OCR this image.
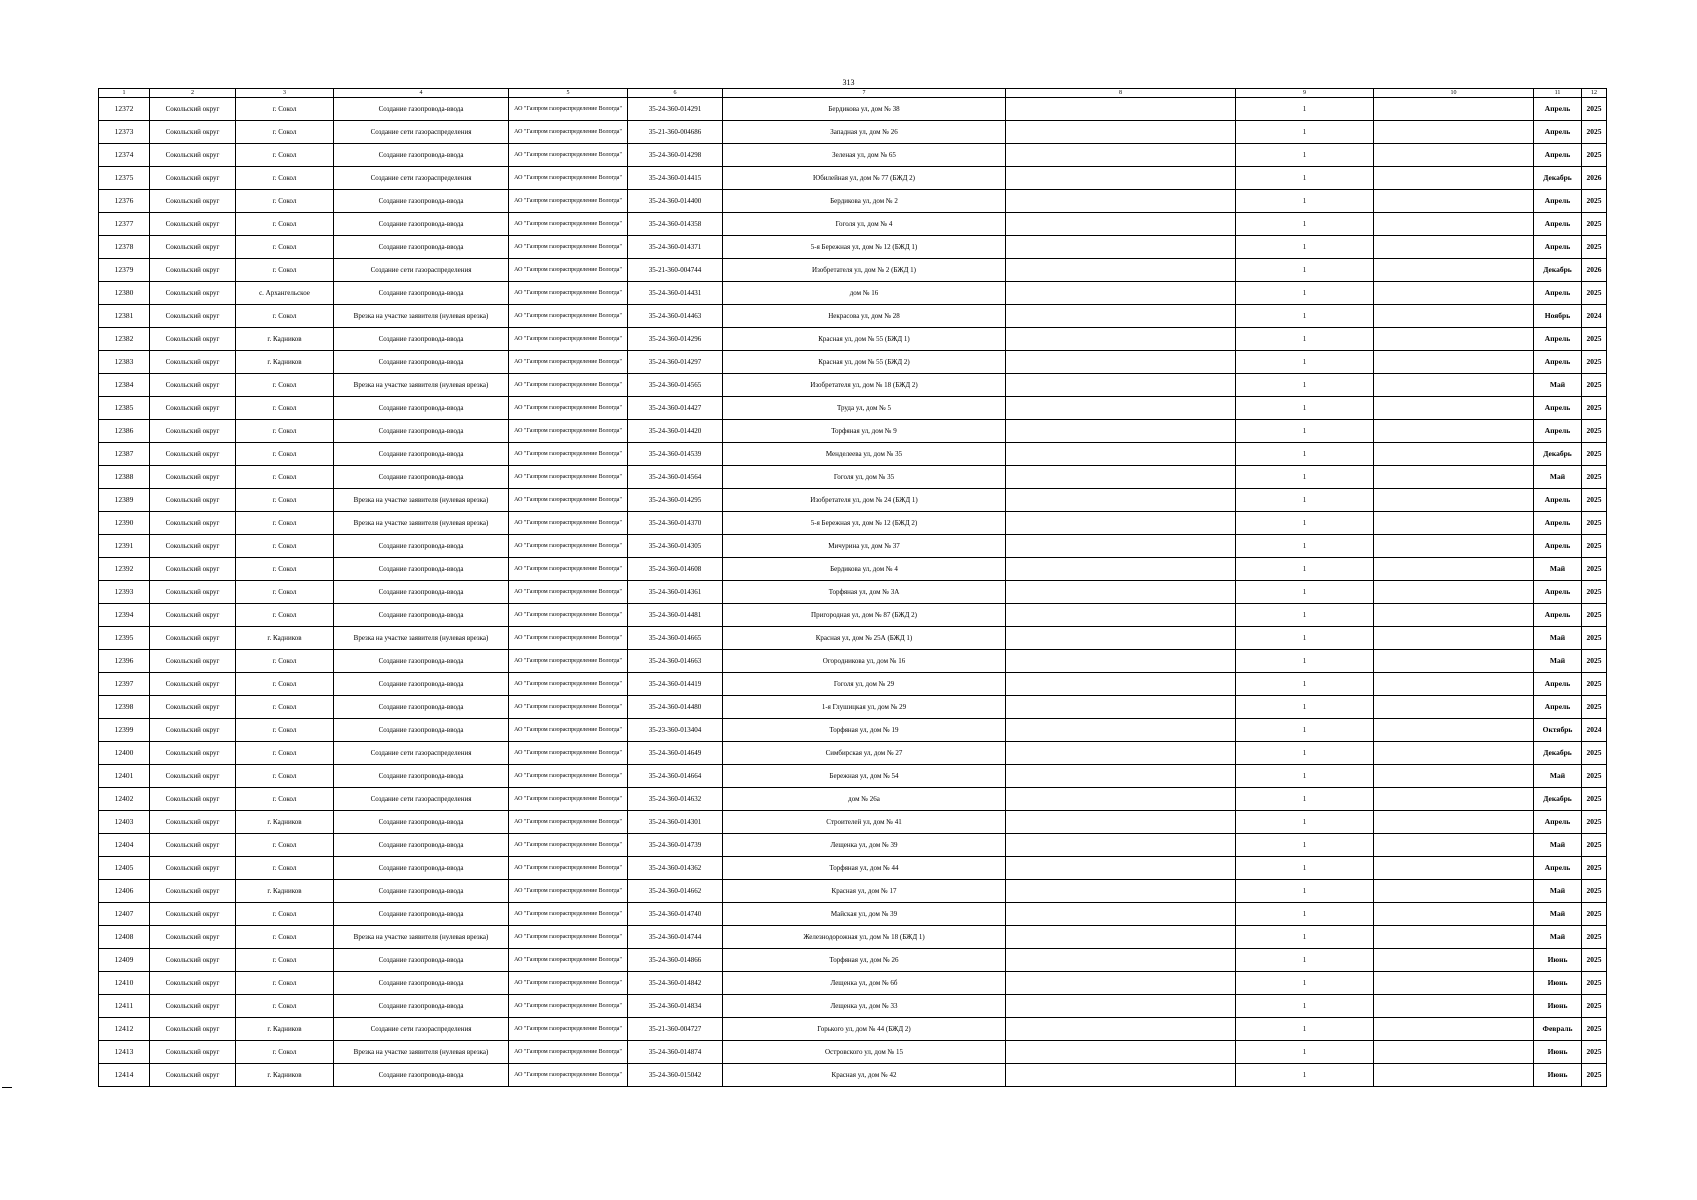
313
1	2	3	4	5	6	7	8	9	10	11	12
12372	Сокольский округ	г. Сокол	Создание газопровода-ввода	АО "Газпром газораспределение Вологда"	35-24-360-014291	Бердикова ул, дом № 38		1		Апрель	2025
12373	Сокольский округ	г. Сокол	Создание сети газораспределения	АО "Газпром газораспределение Вологда"	35-21-360-004686	Западная ул, дом № 26		1		Апрель	2025
12374	Сокольский округ	г. Сокол	Создание газопровода-ввода	АО "Газпром газораспределение Вологда"	35-24-360-014298	Зеленая ул, дом № 65		1		Апрель	2025
12375	Сокольский округ	г. Сокол	Создание сети газораспределения	АО "Газпром газораспределение Вологда"	35-24-360-014415	Юбилейная ул, дом № 77 (БЖД 2)		1		Декабрь	2026
12376	Сокольский округ	г. Сокол	Создание газопровода-ввода	АО "Газпром газораспределение Вологда"	35-24-360-014400	Бердикова ул, дом № 2		1		Апрель	2025
12377	Сокольский округ	г. Сокол	Создание газопровода-ввода	АО "Газпром газораспределение Вологда"	35-24-360-014358	Гоголя ул, дом № 4		1		Апрель	2025
12378	Сокольский округ	г. Сокол	Создание газопровода-ввода	АО "Газпром газораспределение Вологда"	35-24-360-014371	5-я Бережная ул, дом № 12 (БЖД 1)		1		Апрель	2025
12379	Сокольский округ	г. Сокол	Создание сети газораспределения	АО "Газпром газораспределение Вологда"	35-21-360-004744	Изобретателя ул, дом № 2 (БЖД 1)		1		Декабрь	2026
12380	Сокольский округ	с. Архангельское	Создание газопровода-ввода	АО "Газпром газораспределение Вологда"	35-24-360-014431	дом № 16		1		Апрель	2025
12381	Сокольский округ	г. Сокол	Врезка на участке заявителя (нулевая врезка)	АО "Газпром газораспределение Вологда"	35-24-360-014463	Некрасова ул, дом № 28		1		Ноябрь	2024
12382	Сокольский округ	г. Кадников	Создание газопровода-ввода	АО "Газпром газораспределение Вологда"	35-24-360-014296	Красная ул, дом № 55 (БЖД 1)		1		Апрель	2025
12383	Сокольский округ	г. Кадников	Создание газопровода-ввода	АО "Газпром газораспределение Вологда"	35-24-360-014297	Красная ул, дом № 55 (БЖД 2)		1		Апрель	2025
12384	Сокольский округ	г. Сокол	Врезка на участке заявителя (нулевая врезка)	АО "Газпром газораспределение Вологда"	35-24-360-014565	Изобретателя ул, дом № 18 (БЖД 2)		1		Май	2025
12385	Сокольский округ	г. Сокол	Создание газопровода-ввода	АО "Газпром газораспределение Вологда"	35-24-360-014427	Труда ул, дом № 5		1		Апрель	2025
12386	Сокольский округ	г. Сокол	Создание газопровода-ввода	АО "Газпром газораспределение Вологда"	35-24-360-014420	Торфяная ул, дом № 9		1		Апрель	2025
12387	Сокольский округ	г. Сокол	Создание газопровода-ввода	АО "Газпром газораспределение Вологда"	35-24-360-014539	Менделеева ул, дом № 35		1		Декабрь	2025
12388	Сокольский округ	г. Сокол	Создание газопровода-ввода	АО "Газпром газораспределение Вологда"	35-24-360-014564	Гоголя ул, дом № 35		1		Май	2025
12389	Сокольский округ	г. Сокол	Врезка на участке заявителя (нулевая врезка)	АО "Газпром газораспределение Вологда"	35-24-360-014295	Изобретателя ул, дом № 24 (БЖД 1)		1		Апрель	2025
12390	Сокольский округ	г. Сокол	Врезка на участке заявителя (нулевая врезка)	АО "Газпром газораспределение Вологда"	35-24-360-014370	5-я Бережная ул, дом № 12 (БЖД 2)		1		Апрель	2025
12391	Сокольский округ	г. Сокол	Создание газопровода-ввода	АО "Газпром газораспределение Вологда"	35-24-360-014305	Мичурина ул, дом № 37		1		Апрель	2025
12392	Сокольский округ	г. Сокол	Создание газопровода-ввода	АО "Газпром газораспределение Вологда"	35-24-360-014608	Бердикова ул, дом № 4		1		Май	2025
12393	Сокольский округ	г. Сокол	Создание газопровода-ввода	АО "Газпром газораспределение Вологда"	35-24-360-014361	Торфяная ул, дом № 3А		1		Апрель	2025
12394	Сокольский округ	г. Сокол	Создание газопровода-ввода	АО "Газпром газораспределение Вологда"	35-24-360-014481	Пригородная ул, дом № 87 (БЖД 2)		1		Апрель	2025
12395	Сокольский округ	г. Кадников	Врезка на участке заявителя (нулевая врезка)	АО "Газпром газораспределение Вологда"	35-24-360-014665	Красная ул, дом № 25А (БЖД 1)		1		Май	2025
12396	Сокольский округ	г. Сокол	Создание газопровода-ввода	АО "Газпром газораспределение Вологда"	35-24-360-014663	Огородникова ул, дом № 16		1		Май	2025
12397	Сокольский округ	г. Сокол	Создание газопровода-ввода	АО "Газпром газораспределение Вологда"	35-24-360-014419	Гоголя ул, дом № 29		1		Апрель	2025
12398	Сокольский округ	г. Сокол	Создание газопровода-ввода	АО "Газпром газораспределение Вологда"	35-24-360-014480	1-я Глушицкая ул, дом № 29		1		Апрель	2025
12399	Сокольский округ	г. Сокол	Создание газопровода-ввода	АО "Газпром газораспределение Вологда"	35-23-360-013404	Торфяная ул, дом № 19		1		Октябрь	2024
12400	Сокольский округ	г. Сокол	Создание сети газораспределения	АО "Газпром газораспределение Вологда"	35-24-360-014649	Симбирская ул, дом № 27		1		Декабрь	2025
12401	Сокольский округ	г. Сокол	Создание газопровода-ввода	АО "Газпром газораспределение Вологда"	35-24-360-014664	Бережная ул, дом № 54		1		Май	2025
12402	Сокольский округ	г. Сокол	Создание сети газораспределения	АО "Газпром газораспределение Вологда"	35-24-360-014632	дом № 26а		1		Декабрь	2025
12403	Сокольский округ	г. Кадников	Создание газопровода-ввода	АО "Газпром газораспределение Вологда"	35-24-360-014301	Строителей ул, дом № 41		1		Апрель	2025
12404	Сокольский округ	г. Сокол	Создание газопровода-ввода	АО "Газпром газораспределение Вологда"	35-24-360-014739	Лещенка ул, дом № 39		1		Май	2025
12405	Сокольский округ	г. Сокол	Создание газопровода-ввода	АО "Газпром газораспределение Вологда"	35-24-360-014362	Торфяная ул, дом № 44		1		Апрель	2025
12406	Сокольский округ	г. Кадников	Создание газопровода-ввода	АО "Газпром газораспределение Вологда"	35-24-360-014662	Красная ул, дом № 17		1		Май	2025
12407	Сокольский округ	г. Сокол	Создание газопровода-ввода	АО "Газпром газораспределение Вологда"	35-24-360-014740	Майская ул, дом № 39		1		Май	2025
12408	Сокольский округ	г. Сокол	Врезка на участке заявителя (нулевая врезка)	АО "Газпром газораспределение Вологда"	35-24-360-014744	Железнодорожная ул, дом № 18 (БЖД 1)		1		Май	2025
12409	Сокольский округ	г. Сокол	Создание газопровода-ввода	АО "Газпром газораспределение Вологда"	35-24-360-014866	Торфяная ул, дом № 26		1		Июнь	2025
12410	Сокольский округ	г. Сокол	Создание газопровода-ввода	АО "Газпром газораспределение Вологда"	35-24-360-014842	Лещенка ул, дом № 6б		1		Июнь	2025
12411	Сокольский округ	г. Сокол	Создание газопровода-ввода	АО "Газпром газораспределение Вологда"	35-24-360-014834	Лещенка ул, дом № 33		1		Июнь	2025
12412	Сокольский округ	г. Кадников	Создание сети газораспределения	АО "Газпром газораспределение Вологда"	35-21-360-004727	Горького ул, дом № 44 (БЖД 2)		1		Февраль	2025
12413	Сокольский округ	г. Сокол	Врезка на участке заявителя (нулевая врезка)	АО "Газпром газораспределение Вологда"	35-24-360-014874	Островского ул, дом № 15		1		Июнь	2025
12414	Сокольский округ	г. Кадников	Создание газопровода-ввода	АО "Газпром газораспределение Вологда"	35-24-360-015042	Красная ул, дом № 42		1		Июнь	2025
